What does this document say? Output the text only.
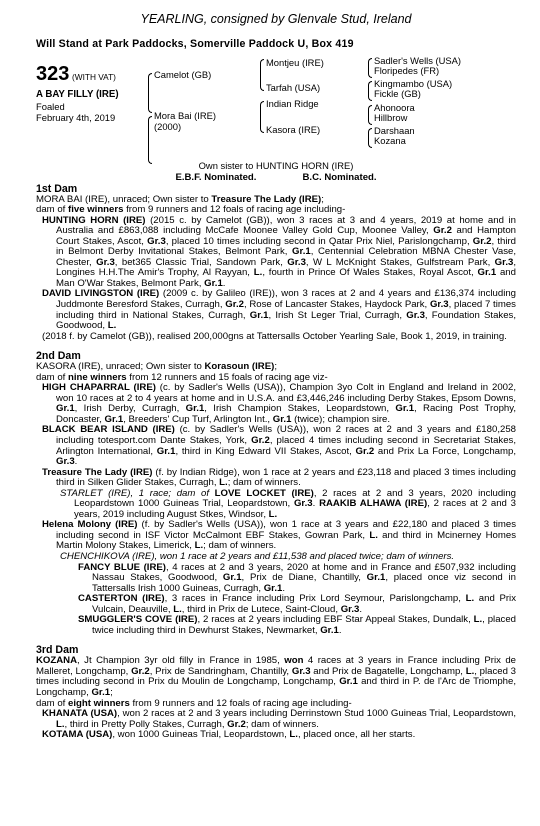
YEARLING, consigned by Glenvale Stud, Ireland
Will Stand at Park Paddocks, Somerville Paddock U, Box 419
323 (WITH VAT)
A BAY FILLY (IRE)
Foaled
February 4th, 2019
Camelot (GB)
Mora Bai (IRE)
(2000)
Montjeu (IRE)
Tarfah (USA)
Indian Ridge
Kasora (IRE)
Sadler's Wells (USA)
Floripedes (FR)
Kingmambo (USA)
Fickle (GB)
Ahonoora
Hillbrow
Darshaan
Kozana
Own sister to HUNTING HORN (IRE)
E.B.F. Nominated.	B.C. Nominated.
1st Dam

MORA BAI (IRE), unraced; Own sister to Treasure The Lady (IRE);

dam of five winners from 9 runners and 12 foals of racing age including-

HUNTING HORN (IRE) (2015 c. by Camelot (GB)), won 3 races at 3 and 4 years, 2019 at home and in Australia and £863,088 including McCafe Moonee Valley Gold Cup, Moonee Valley, Gr.2 and Hampton Court Stakes, Ascot, Gr.3, placed 10 times including second in Qatar Prix Niel, Parislongchamp, Gr.2, third in Belmont Derby Invitational Stakes, Belmont Park, Gr.1, Centennial Celebration MBNA Chester Vase, Chester, Gr.3, bet365 Classic Trial, Sandown Park, Gr.3, W L McKnight Stakes, Gulfstream Park, Gr.3, Longines H.H.The Amir's Trophy, Al Rayyan, L., fourth in Prince Of Wales Stakes, Royal Ascot, Gr.1 and Man O'War Stakes, Belmont Park, Gr.1.

DAVID LIVINGSTON (IRE) (2009 c. by Galileo (IRE)), won 3 races at 2 and 4 years and £136,374 including Juddmonte Beresford Stakes, Curragh, Gr.2, Rose of Lancaster Stakes, Haydock Park, Gr.3, placed 7 times including third in National Stakes, Curragh, Gr.1, Irish St Leger Trial, Curragh, Gr.3, Foundation Stakes, Goodwood, L.

(2018 f. by Camelot (GB)), realised 200,000gns at Tattersalls October Yearling Sale, Book 1, 2019, in training.

2nd Dam

KASORA (IRE), unraced; Own sister to Korasoun (IRE);

dam of nine winners from 12 runners and 15 foals of racing age viz-

HIGH CHAPARRAL (IRE) (c. by Sadler's Wells (USA)), Champion 3yo Colt in England and Ireland in 2002, won 10 races at 2 to 4 years at home and in U.S.A. and £3,446,246 including Derby Stakes, Epsom Downs, Gr.1, Irish Derby, Curragh, Gr.1, Irish Champion Stakes, Leopardstown, Gr.1, Racing Post Trophy, Doncaster, Gr.1, Breeders' Cup Turf, Arlington Int., Gr.1 (twice); champion sire.

BLACK BEAR ISLAND (IRE) (c. by Sadler's Wells (USA)), won 2 races at 2 and 3 years and £180,258 including totesport.com Dante Stakes, York, Gr.2, placed 4 times including second in Secretariat Stakes, Arlington International, Gr.1, third in King Edward VII Stakes, Ascot, Gr.2 and Prix La Force, Longchamp, Gr.3.

Treasure The Lady (IRE) (f. by Indian Ridge), won 1 race at 2 years and £23,118 and placed 3 times including third in Silken Glider Stakes, Curragh, L.; dam of winners.

STARLET (IRE), 1 race; dam of LOVE LOCKET (IRE), 2 races at 2 and 3 years, 2020 including Leopardstown 1000 Guineas Trial, Leopardstown, Gr.3. RAAKIB ALHAWA (IRE), 2 races at 2 and 3 years, 2019 including August Stkes, Windsor, L.

Helena Molony (IRE) (f. by Sadler's Wells (USA)), won 1 race at 3 years and £22,180 and placed 3 times including second in ISF Victor McCalmont EBF Stakes, Gowran Park, L. and third in Mcinerney Homes Martin Molony Stakes, Limerick, L.; dam of winners.

CHENCHIKOVA (IRE), won 1 race at 2 years and £11,538 and placed twice; dam of winners.

FANCY BLUE (IRE), 4 races at 2 and 3 years, 2020 at home and in France and £507,932 including Nassau Stakes, Goodwood, Gr.1, Prix de Diane, Chantilly, Gr.1, placed once viz second in Tattersalls Irish 1000 Guineas, Curragh, Gr.1.

CASTERTON (IRE), 3 races in France including Prix Lord Seymour, Parislongchamp, L. and Prix Vulcain, Deauville, L., third in Prix de Lutece, Saint-Cloud, Gr.3.

SMUGGLER'S COVE (IRE), 2 races at 2 years including EBF Star Appeal Stakes, Dundalk, L., placed twice including third in Dewhurst Stakes, Newmarket, Gr.1.

3rd Dam

KOZANA, Jt Champion 3yr old filly in France in 1985, won 4 races at 3 years in France including Prix de Malleret, Longchamp, Gr.2, Prix de Sandringham, Chantilly, Gr.3 and Prix de Bagatelle, Longchamp, L., placed 3 times including second in Prix du Moulin de Longchamp, Longchamp, Gr.1 and third in P. de l'Arc de Triomphe, Longchamp, Gr.1;

dam of eight winners from 9 runners and 12 foals of racing age including-

KHANATA (USA), won 2 races at 2 and 3 years including Derrinstown Stud 1000 Guineas Trial, Leopardstown, L., third in Pretty Polly Stakes, Curragh, Gr.2; dam of winners.

KOTAMA (USA), won 1000 Guineas Trial, Leopardstown, L., placed once, all her starts.
